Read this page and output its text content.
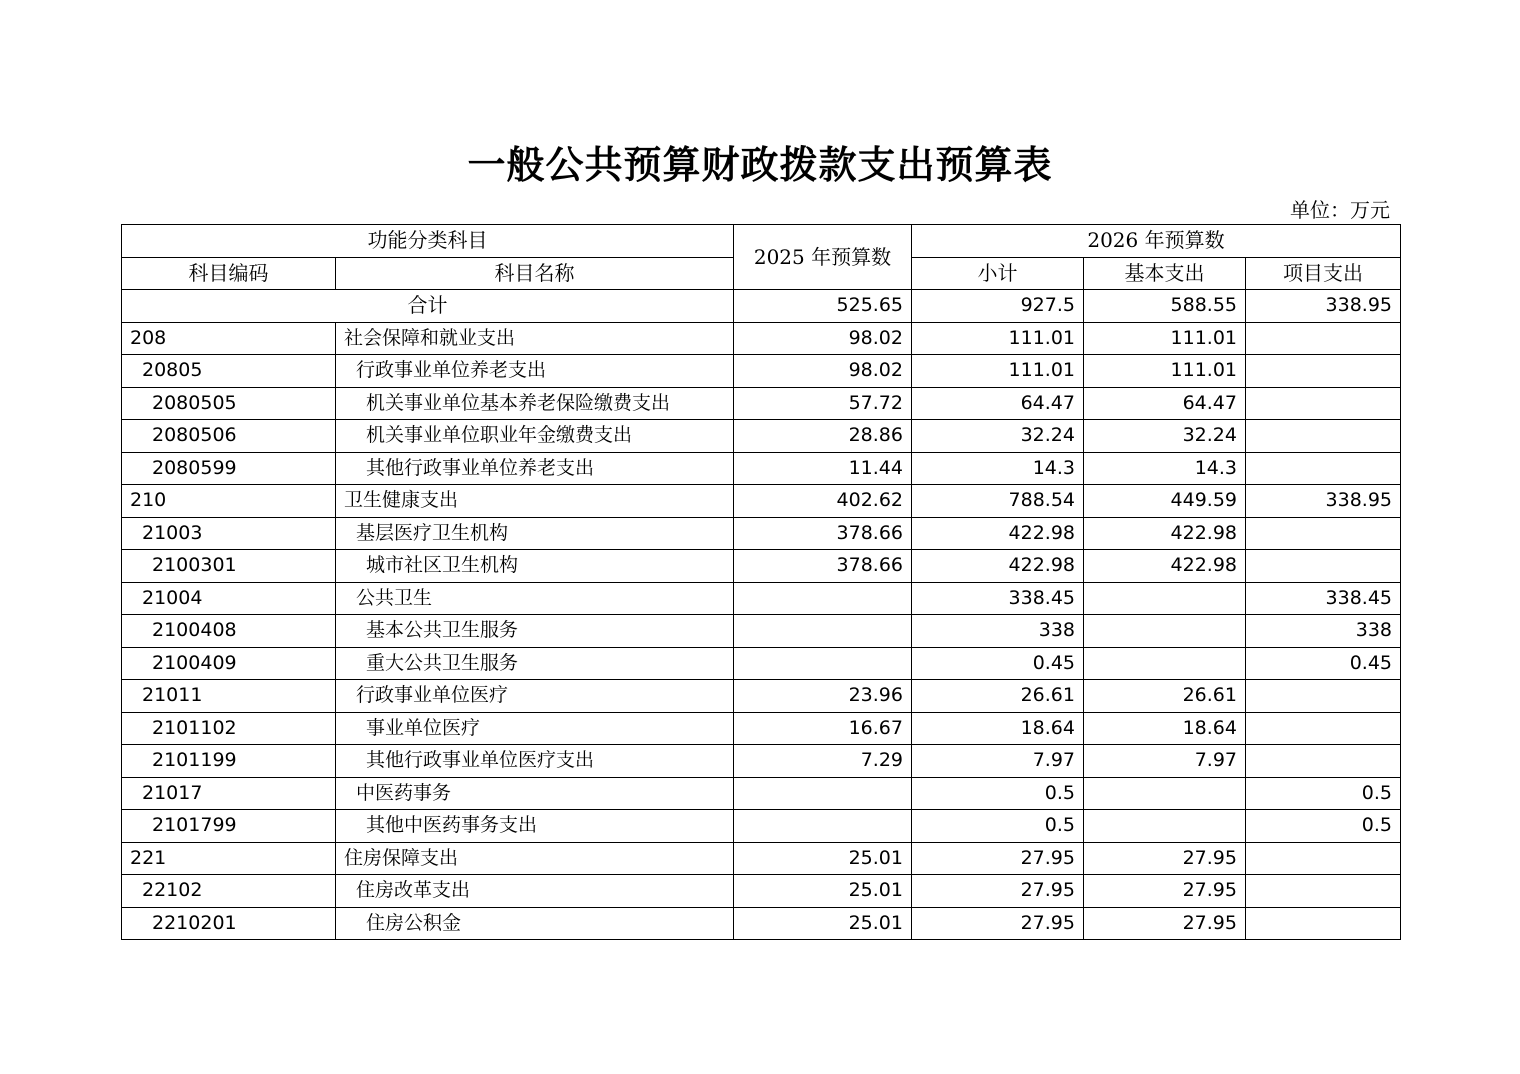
一般公共预算财政拨款支出预算表
单位：万元
功能分类科目		2025 年预算数	2026 年预算数		
科目编码	科目名称		小计	基本支出	项目支出
合计		525.65	927.5	588.55	338.95
208	社会保障和就业支出	98.02	111.01	111.01	
20805	行政事业单位养老支出	98.02	111.01	111.01	
2080505	机关事业单位基本养老保险缴费支出	57.72	64.47	64.47	
2080506	机关事业单位职业年金缴费支出	28.86	32.24	32.24	
2080599	其他行政事业单位养老支出	11.44	14.3	14.3	
210	卫生健康支出	402.62	788.54	449.59	338.95
21003	基层医疗卫生机构	378.66	422.98	422.98	
2100301	城市社区卫生机构	378.66	422.98	422.98	
21004	公共卫生		338.45		338.45
2100408	基本公共卫生服务		338		338
2100409	重大公共卫生服务		0.45		0.45
21011	行政事业单位医疗	23.96	26.61	26.61	
2101102	事业单位医疗	16.67	18.64	18.64	
2101199	其他行政事业单位医疗支出	7.29	7.97	7.97	
21017	中医药事务		0.5		0.5
2101799	其他中医药事务支出		0.5		0.5
221	住房保障支出	25.01	27.95	27.95	
22102	住房改革支出	25.01	27.95	27.95	
2210201	住房公积金	25.01	27.95	27.95	
